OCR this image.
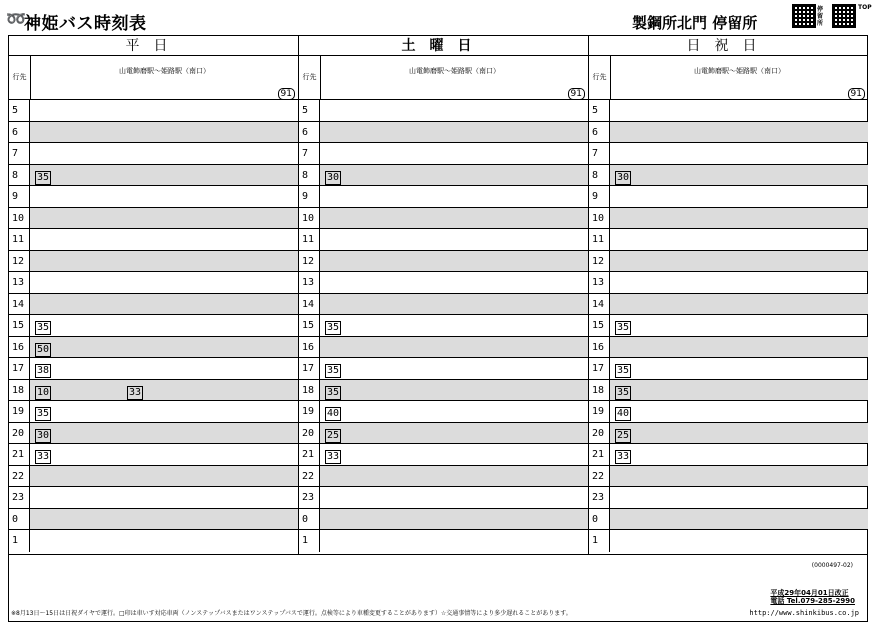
➿
神姫バス時刻表	製鋼所北門 停留所
停留所
TOP
平日
行先
山電飾磨駅～姫路駅（南口）
91
5
6
7
8	35
9
10
11
12
13
14
15	35
16	50
17	38
18	10	33
19	35
20	30
21	33
22
23
0
1
土曜日
行先
山電飾磨駅～姫路駅（南口）
91
5
6
7
8	30
9
10
11
12
13
14
15	35
16
17	35
18	35
19	40
20	25
21	33
22
23
0
1
日祝日
行先
山電飾磨駅～姫路駅（南口）
91
5
6
7
8	30
9
10
11
12
13
14
15	35
16
17	35
18	35
19	40
20	25
21	33
22
23
0
1
(0000497-02)
平成29年04月01日改正
電話 Tel.079-285-2990
※8月13日～15日は日祝ダイヤで運行。□印は車いす対応車両（ノンステップバスまたはワンステップバスで運行。点検等により車種変更することがあります）☆交通事情等により多少遅れることがあります。	http://www.shinkibus.co.jp
